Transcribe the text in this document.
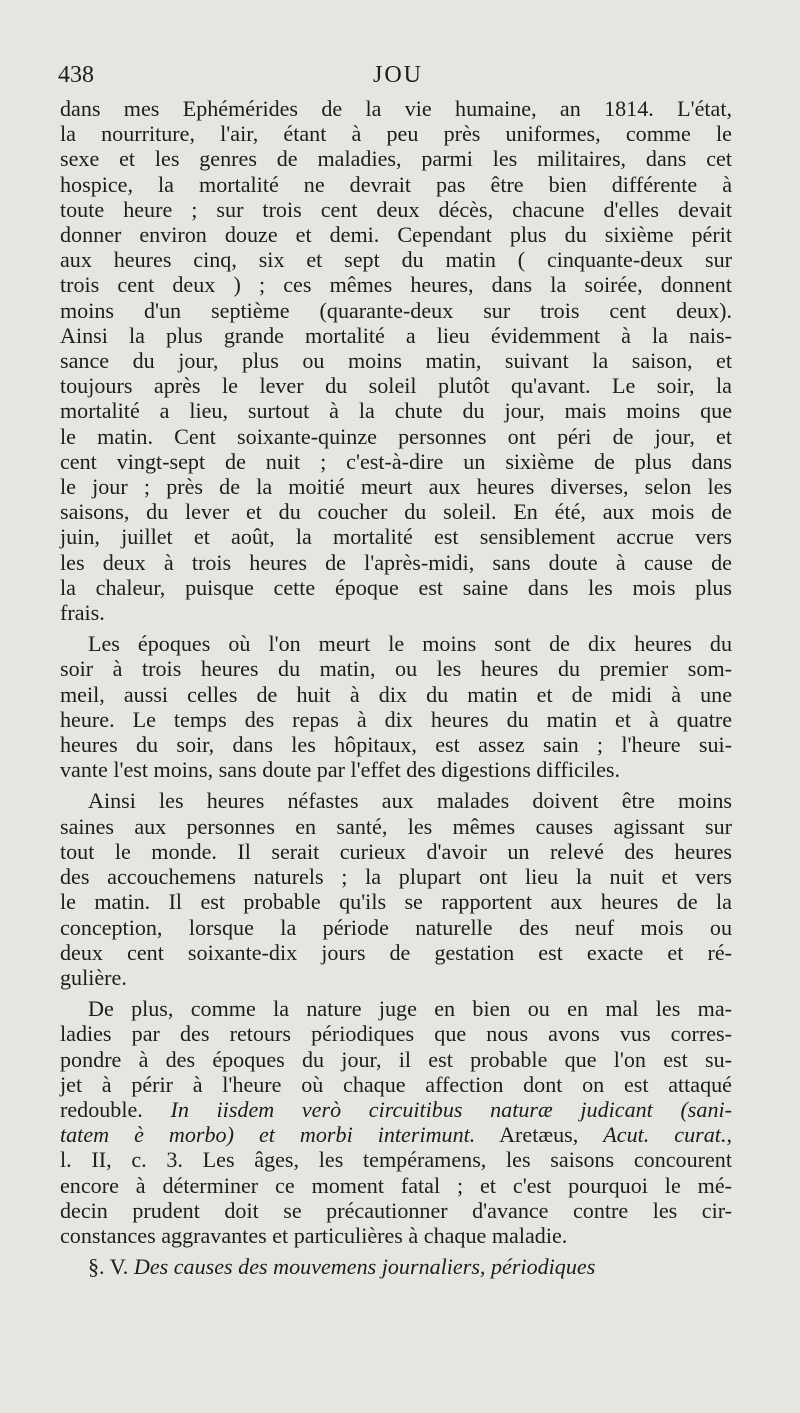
438	JOU
dans mes Ephémérides de la vie humaine, an 1814. L'état,
la nourriture, l'air, étant à peu près uniformes, comme le
sexe et les genres de maladies, parmi les militaires, dans cet
hospice, la mortalité ne devrait pas être bien différente à
toute heure ; sur trois cent deux décès, chacune d'elles devait
donner environ douze et demi. Cependant plus du sixième périt
aux heures cinq, six et sept du matin ( cinquante-deux sur
trois cent deux ) ; ces mêmes heures, dans la soirée, donnent
moins d'un septième (quarante-deux sur trois cent deux).
Ainsi la plus grande mortalité a lieu évidemment à la nais-
sance du jour, plus ou moins matin, suivant la saison, et
toujours après le lever du soleil plutôt qu'avant. Le soir, la
mortalité a lieu, surtout à la chute du jour, mais moins que
le matin. Cent soixante-quinze personnes ont péri de jour, et
cent vingt-sept de nuit ; c'est-à-dire un sixième de plus dans
le jour ; près de la moitié meurt aux heures diverses, selon les
saisons, du lever et du coucher du soleil. En été, aux mois de
juin, juillet et août, la mortalité est sensiblement accrue vers
les deux à trois heures de l'après-midi, sans doute à cause de
la chaleur, puisque cette époque est saine dans les mois plus
frais.
Les époques où l'on meurt le moins sont de dix heures du
soir à trois heures du matin, ou les heures du premier som-
meil, aussi celles de huit à dix du matin et de midi à une
heure. Le temps des repas à dix heures du matin et à quatre
heures du soir, dans les hôpitaux, est assez sain ; l'heure sui-
vante l'est moins, sans doute par l'effet des digestions difficiles.
Ainsi les heures néfastes aux malades doivent être moins
saines aux personnes en santé, les mêmes causes agissant sur
tout le monde. Il serait curieux d'avoir un relevé des heures
des accouchemens naturels ; la plupart ont lieu la nuit et vers
le matin. Il est probable qu'ils se rapportent aux heures de la
conception, lorsque la période naturelle des neuf mois ou
deux cent soixante-dix jours de gestation est exacte et ré-
gulière.
De plus, comme la nature juge en bien ou en mal les ma-
ladies par des retours périodiques que nous avons vus corres-
pondre à des époques du jour, il est probable que l'on est su-
jet à périr à l'heure où chaque affection dont on est attaqué
redouble. In iisdem verò circuitibus naturæ judicant (sani-
tatem è morbo) et morbi interimunt. Aretæus, Acut. curat.,
l. II, c. 3. Les âges, les tempéramens, les saisons concourent
encore à déterminer ce moment fatal ; et c'est pourquoi le mé-
decin prudent doit se précautionner d'avance contre les cir-
constances aggravantes et particulières à chaque maladie.
§. V. Des causes des mouvemens journaliers, périodiques
